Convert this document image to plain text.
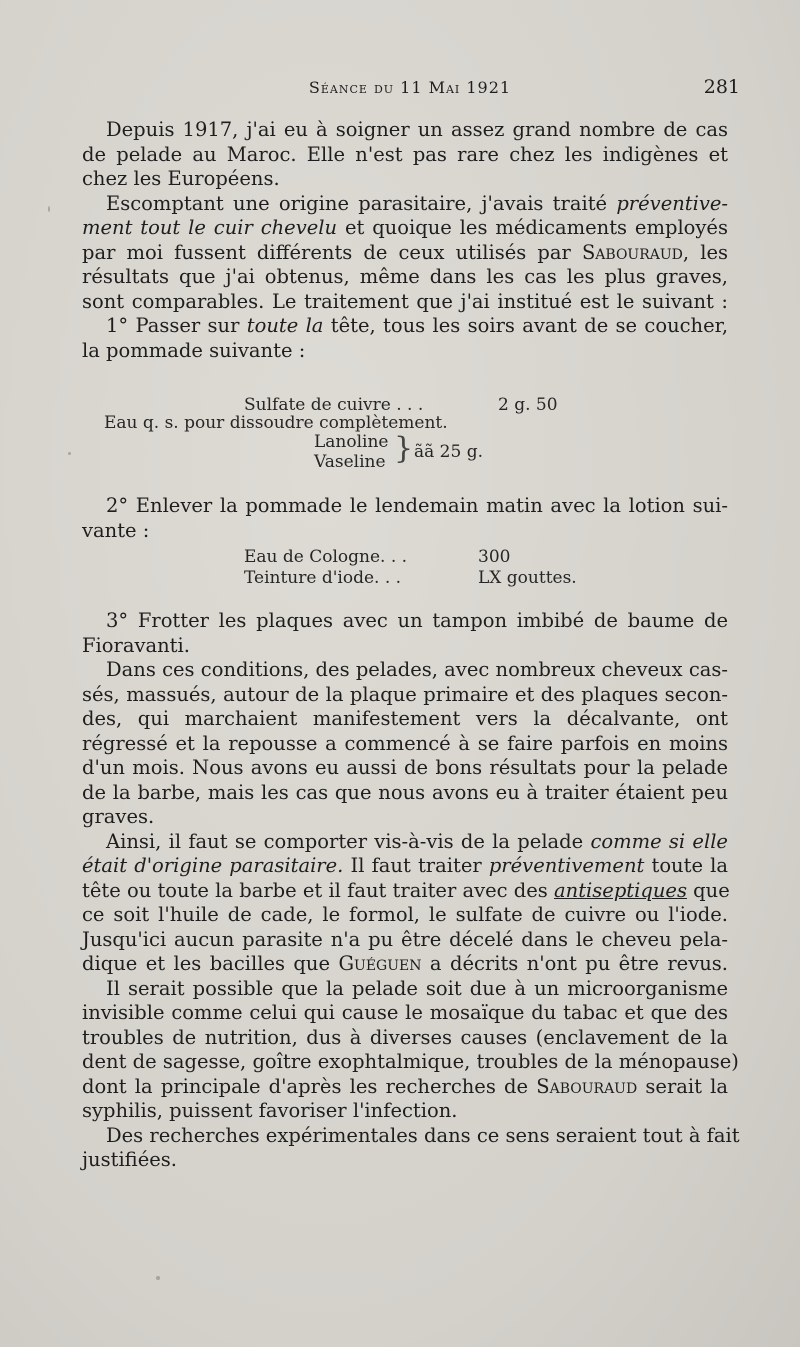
Séance du 11 Mai 1921	281
Depuis 1917, j'ai eu à soigner un assez grand nombre de cas
de pelade au Maroc. Elle n'est pas rare chez les indigènes et
chez les Européens.
Escomptant une origine parasitaire, j'avais traité préventive-
ment tout le cuir chevelu et quoique les médicaments employés
par moi fussent différents de ceux utilisés par Sabouraud, les
résultats que j'ai obtenus, même dans les cas les plus graves,
sont comparables. Le traitement que j'ai institué est le suivant :
1° Passer sur toute la tête, tous les soirs avant de se coucher,
la pommade suivante :
Sulfate de cuivre . . .	2 g. 50
Eau q. s. pour dissoudre complètement.
Lanoline
Vaseline } ãã 25 g.
2° Enlever la pommade le lendemain matin avec la lotion sui-
vante :
Eau de Cologne. . .	300
Teinture d'iode. . .	LX gouttes.
3° Frotter les plaques avec un tampon imbibé de baume de
Fioravanti.
Dans ces conditions, des pelades, avec nombreux cheveux cas-
sés, massués, autour de la plaque primaire et des plaques secon-
des, qui marchaient manifestement vers la décalvante, ont
régressé et la repousse a commencé à se faire parfois en moins
d'un mois. Nous avons eu aussi de bons résultats pour la pelade
de la barbe, mais les cas que nous avons eu à traiter étaient peu
graves.
Ainsi, il faut se comporter vis-à-vis de la pelade comme si elle
était d'origine parasitaire. Il faut traiter préventivement toute la
tête ou toute la barbe et il faut traiter avec des antiseptiques que
ce soit l'huile de cade, le formol, le sulfate de cuivre ou l'iode.
Jusqu'ici aucun parasite n'a pu être décelé dans le cheveu pela-
dique et les bacilles que Guéguen a décrits n'ont pu être revus.
Il serait possible que la pelade soit due à un microorganisme
invisible comme celui qui cause le mosaïque du tabac et que des
troubles de nutrition, dus à diverses causes (enclavement de la
dent de sagesse, goître exophtalmique, troubles de la ménopause)
dont la principale d'après les recherches de Sabouraud serait la
syphilis, puissent favoriser l'infection.
Des recherches expérimentales dans ce sens seraient tout à fait
justifiées.
